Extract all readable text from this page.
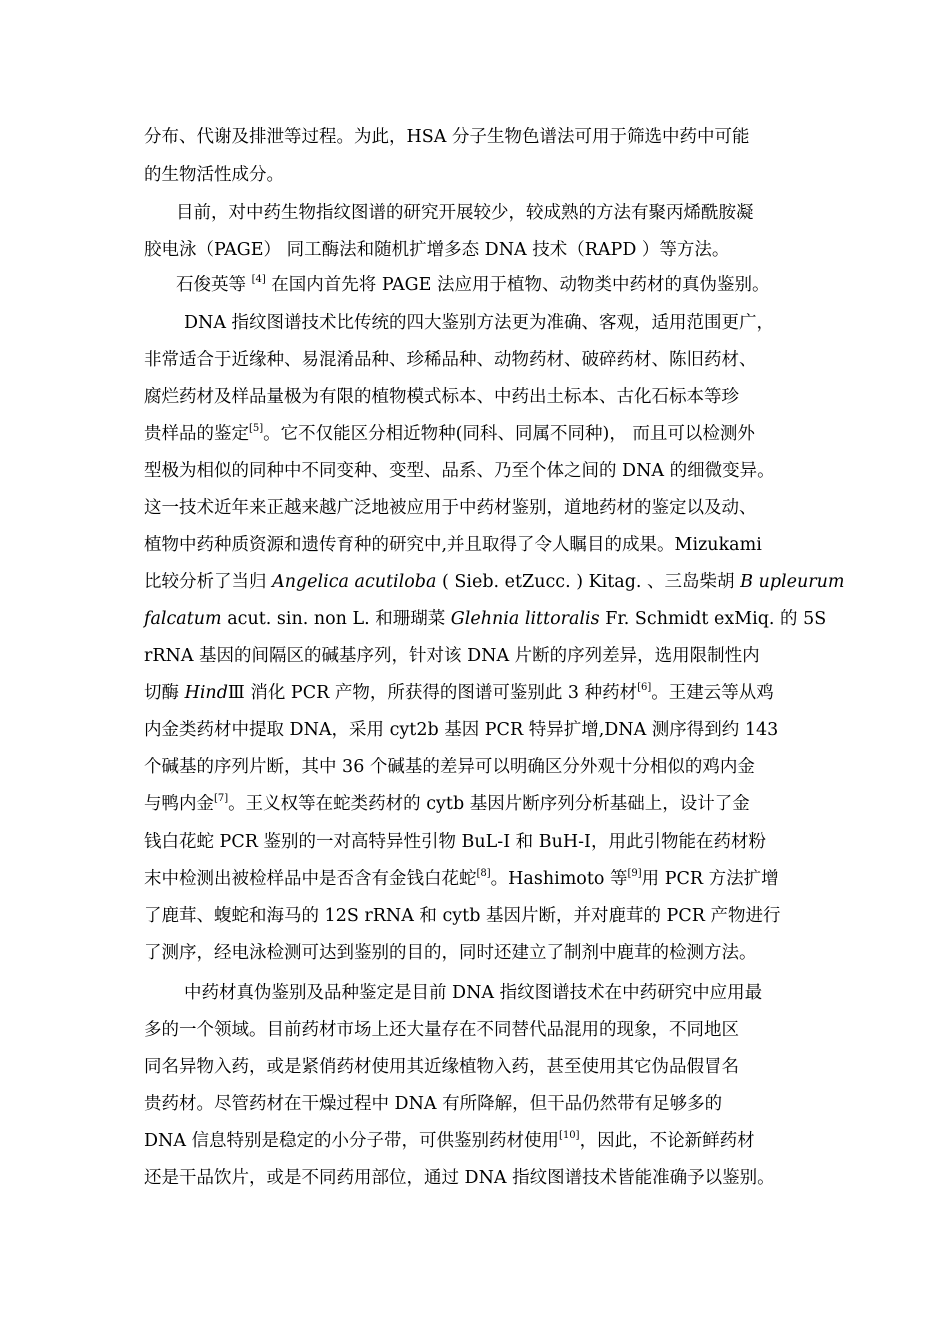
分布、代谢及排泄等过程。为此，HSA 分子生物色谱法可用于筛选中药中可能
的生物活性成分。
目前，对中药生物指纹图谱的研究开展较少，较成熟的方法有聚丙烯酰胺凝
胶电泳（PAGE） 同工酶法和随机扩增多态 DNA 技术（RAPD ）等方法。
石俊英等 [4] 在国内首先将 PAGE 法应用于植物、动物类中药材的真伪鉴别。
DNA 指纹图谱技术比传统的四大鉴别方法更为准确、客观，适用范围更广，
非常适合于近缘种、易混淆品种、珍稀品种、动物药材、破碎药材、陈旧药材、
腐烂药材及样品量极为有限的植物模式标本、中药出土标本、古化石标本等珍
贵样品的鉴定[5]。它不仅能区分相近物种(同科、同属不同种)， 而且可以检测外
型极为相似的同种中不同变种、变型、品系、乃至个体之间的 DNA 的细微变异。
这一技术近年来正越来越广泛地被应用于中药材鉴别，道地药材的鉴定以及动、
植物中药种质资源和遗传育种的研究中,并且取得了令人瞩目的成果。Mizukami
比较分析了当归 Angelica acutiloba ( Sieb. etZucc. ) Kitag. 、三岛柴胡 B upleurum
falcatum acut. sin. non L. 和珊瑚菜 Glehnia littoralis Fr. Schmidt exMiq. 的 5S
rRNA 基因的间隔区的碱基序列，针对该 DNA 片断的序列差异，选用限制性内
切酶 HindⅢ 消化 PCR 产物，所获得的图谱可鉴别此 3 种药材[6]。王建云等从鸡
内金类药材中提取 DNA，采用 cyt2b 基因 PCR 特异扩增,DNA 测序得到约 143
个碱基的序列片断，其中 36 个碱基的差异可以明确区分外观十分相似的鸡内金
与鸭内金[7]。王义权等在蛇类药材的 cytb 基因片断序列分析基础上，设计了金
钱白花蛇 PCR 鉴别的一对高特异性引物 BuL-I 和 BuH-I，用此引物能在药材粉
末中检测出被检样品中是否含有金钱白花蛇[8]。Hashimoto 等[9]用 PCR 方法扩增
了鹿茸、蝮蛇和海马的 12S rRNA 和 cytb 基因片断，并对鹿茸的 PCR 产物进行
了测序，经电泳检测可达到鉴别的目的，同时还建立了制剂中鹿茸的检测方法。
中药材真伪鉴别及品种鉴定是目前 DNA 指纹图谱技术在中药研究中应用最
多的一个领域。目前药材市场上还大量存在不同替代品混用的现象，不同地区
同名异物入药，或是紧俏药材使用其近缘植物入药，甚至使用其它伪品假冒名
贵药材。尽管药材在干燥过程中 DNA 有所降解，但干品仍然带有足够多的
DNA 信息特别是稳定的小分子带，可供鉴别药材使用[10]，因此，不论新鲜药材
还是干品饮片，或是不同药用部位，通过 DNA 指纹图谱技术皆能准确予以鉴别。
